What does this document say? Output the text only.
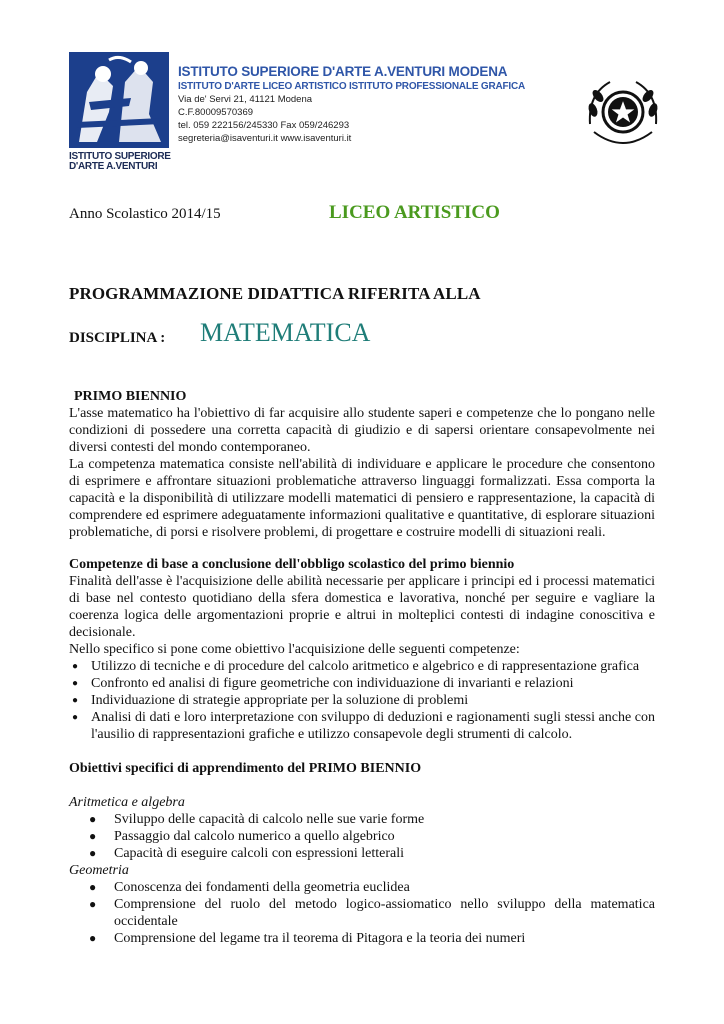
ISTITUTO SUPERIORE
D'ARTE A.VENTURI
ISTITUTO SUPERIORE D'ARTE A.VENTURI MODENA
ISTITUTO D'ARTE LICEO ARTISTICO ISTITUTO PROFESSIONALE GRAFICA
Via de' Servi 21, 41121 Modena
C.F.80009570369
tel. 059 222156/245330 Fax 059/246293
segreteria@isaventuri.it www.isaventuri.it
Anno Scolastico 2014/15	LICEO ARTISTICO
PROGRAMMAZIONE DIDATTICA RIFERITA ALLA
DISCIPLINA : MATEMATICA

PRIMO BIENNIO

L'asse matematico ha l'obiettivo di far acquisire allo studente saperi e competenze che lo pongano nelle condizioni di possedere una corretta capacità di giudizio e di sapersi orientare consapevolmente nei diversi contesti del mondo contemporaneo.

La competenza matematica consiste nell'abilità di individuare e applicare le procedure che consentono di esprimere e affrontare situazioni problematiche attraverso linguaggi formalizzati. Essa comporta la capacità e la disponibilità di utilizzare modelli matematici di pensiero e rappresentazione, la capacità di comprendere ed esprimere adeguatamente informazioni qualitative e quantitative, di esplorare situazioni problematiche, di porsi e risolvere problemi, di progettare e costruire modelli di situazioni reali.

Competenze di base a conclusione dell'obbligo scolastico del primo biennio

Finalità dell'asse è l'acquisizione delle abilità necessarie per applicare i principi ed i processi matematici di base nel contesto quotidiano della sfera domestica e lavorativa, nonché per seguire e vagliare la coerenza logica delle argomentazioni proprie e altrui in molteplici contesti di indagine conoscitiva e decisionale.

Nello specifico si pone come obiettivo l'acquisizione delle seguenti competenze:

● Utilizzo di tecniche e di procedure del calcolo aritmetico e algebrico e di rappresentazione grafica
● Confronto ed analisi di figure geometriche con individuazione di invarianti e relazioni
● Individuazione di strategie appropriate per la soluzione di problemi
● Analisi di dati e loro interpretazione con sviluppo di deduzioni e ragionamenti sugli stessi anche con l'ausilio di rappresentazioni grafiche e utilizzo consapevole degli strumenti di calcolo.

Obiettivi specifici di apprendimento del PRIMO BIENNIO

Aritmetica e algebra

● Sviluppo delle capacità di calcolo nelle sue varie forme
● Passaggio dal calcolo numerico a quello algebrico
● Capacità di eseguire calcoli con espressioni letterali

Geometria

● Conoscenza dei fondamenti della geometria euclidea
● Comprensione del ruolo del metodo logico-assiomatico nello sviluppo della matematica occidentale
● Comprensione del legame tra il teorema di Pitagora e la teoria dei numeri
